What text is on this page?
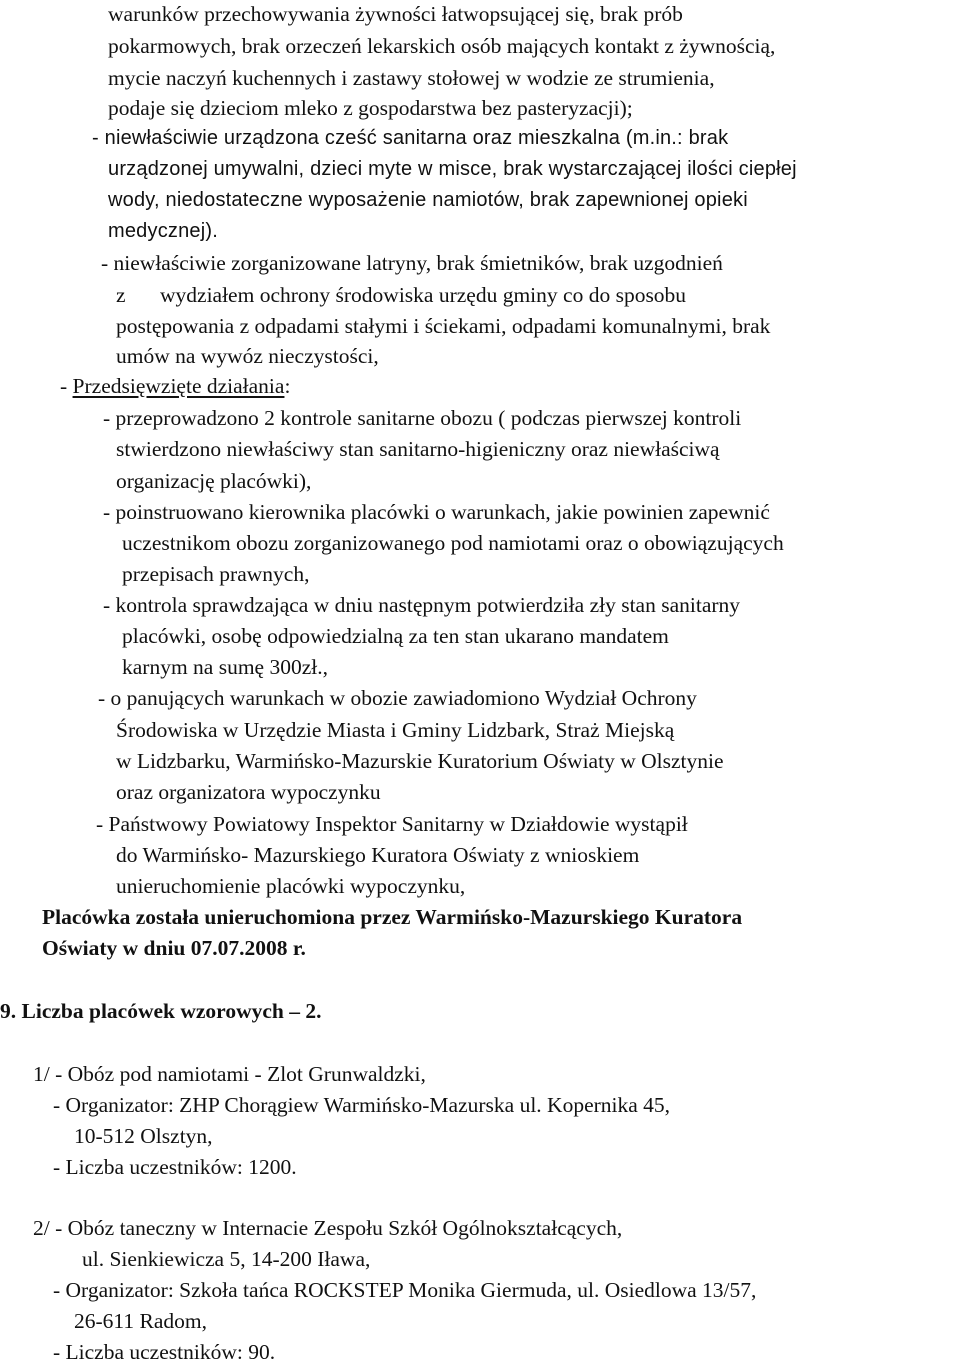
warunków przechowywania żywności łatwopsującej się, brak prób
pokarmowych, brak orzeczeń lekarskich osób mających kontakt z żywnością,
mycie naczyń kuchennych i zastawy stołowej w wodzie ze strumienia,
podaje się dzieciom mleko z gospodarstwa bez pasteryzacji);
- niewłaściwie urządzona cześć sanitarna oraz mieszkalna (m.in.: brak
urządzonej umywalni, dzieci myte w misce, brak wystarczającej ilości ciepłej
wody, niedostateczne wyposażenie namiotów, brak zapewnionej opieki
medycznej).
- niewłaściwie zorganizowane latryny, brak śmietników, brak uzgodnień
z wydziałem ochrony środowiska urzędu gminy co do sposobu
postępowania z odpadami stałymi i ściekami, odpadami komunalnymi, brak
umów na wywóz nieczystości,
- Przedsięwzięte działania:
- przeprowadzono 2 kontrole sanitarne obozu ( podczas pierwszej kontroli
stwierdzono niewłaściwy stan sanitarno-higieniczny oraz niewłaściwą
organizację placówki),
- poinstruowano kierownika placówki o warunkach, jakie powinien zapewnić
uczestnikom obozu zorganizowanego pod namiotami oraz o obowiązujących
przepisach prawnych,
- kontrola sprawdzająca w dniu następnym potwierdziła zły stan sanitarny
placówki, osobę odpowiedzialną za ten stan ukarano mandatem
karnym na sumę 300zł.,
- o panujących warunkach w obozie zawiadomiono Wydział Ochrony
Środowiska w Urzędzie Miasta i Gminy Lidzbark, Straż Miejską
w Lidzbarku, Warmińsko-Mazurskie Kuratorium Oświaty w Olsztynie
oraz organizatora wypoczynku
- Państwowy Powiatowy Inspektor Sanitarny w Działdowie wystąpił
do Warmińsko- Mazurskiego Kuratora Oświaty z wnioskiem
unieruchomienie placówki wypoczynku,
Placówka została unieruchomiona przez Warmińsko-Mazurskiego Kuratora
Oświaty w dniu 07.07.2008 r.
9. Liczba placówek wzorowych – 2.
1/ - Obóz pod namiotami - Zlot Grunwaldzki,
- Organizator: ZHP Chorągiew Warmińsko-Mazurska ul. Kopernika 45,
10-512 Olsztyn,
- Liczba uczestników: 1200.
2/ - Obóz taneczny w Internacie Zespołu Szkół Ogólnokształcących,
ul. Sienkiewicza 5, 14-200 Iława,
- Organizator: Szkoła tańca ROCKSTEP Monika Giermuda, ul. Osiedlowa 13/57,
26-611 Radom,
- Liczba uczestników: 90.
